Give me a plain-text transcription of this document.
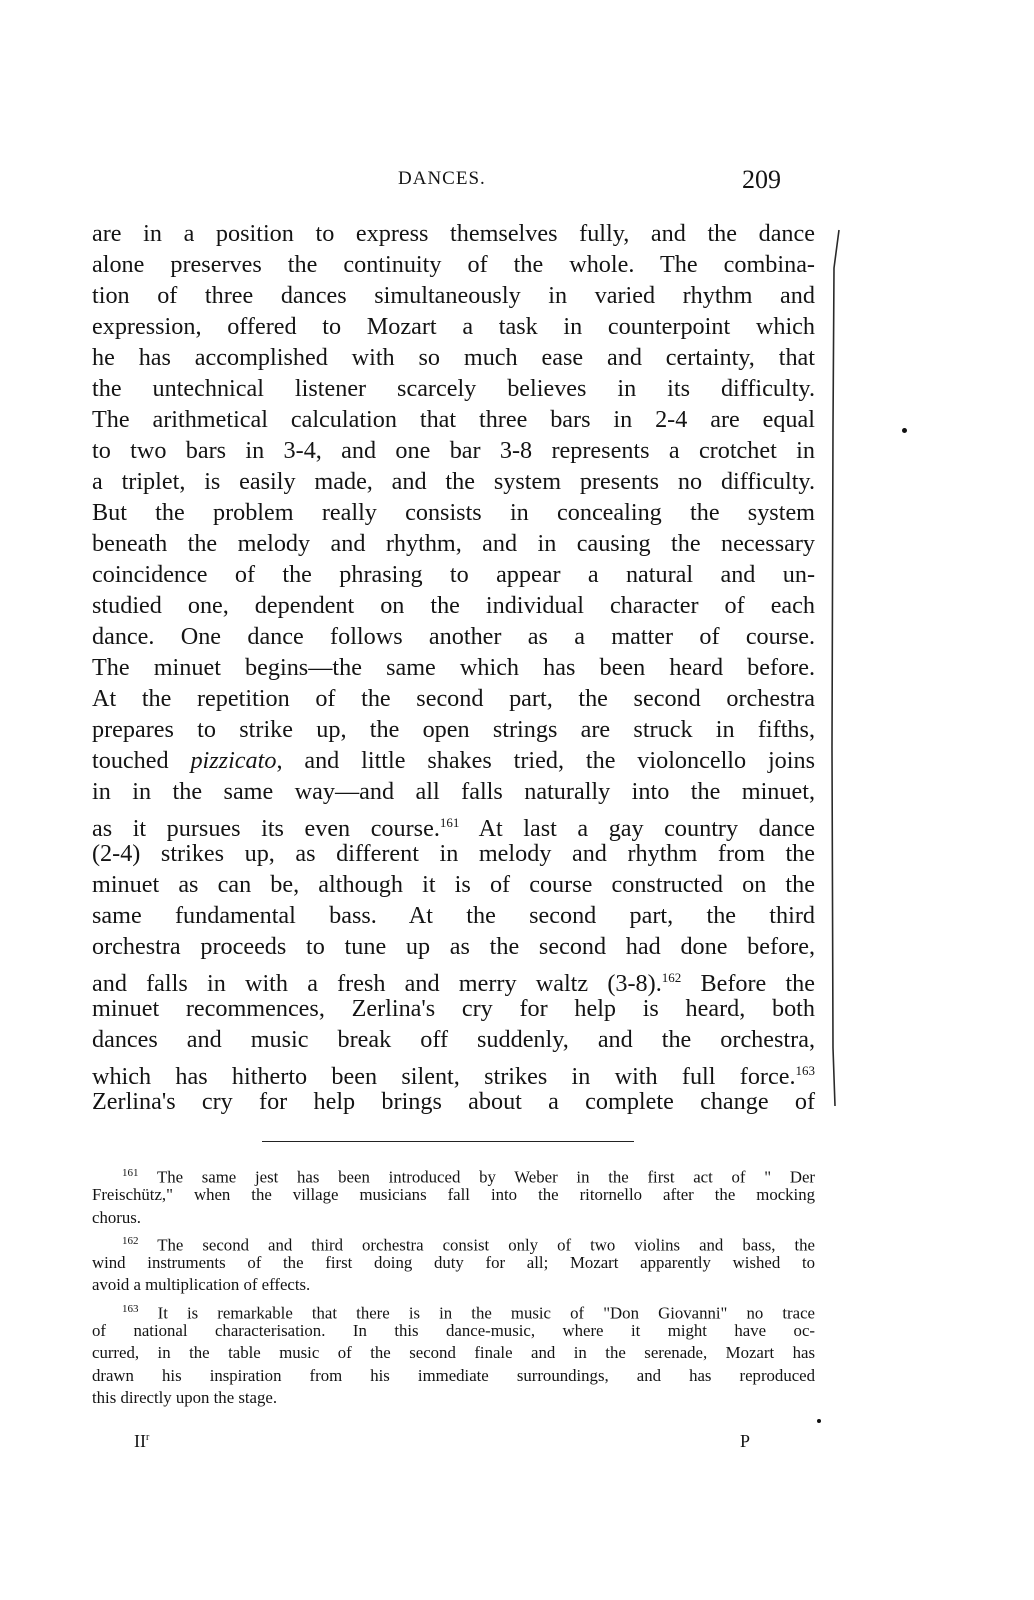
DANCES.	209
are in a position to express themselves fully, and the dance
alone preserves the continuity of the whole. The combina-
tion of three dances simultaneously in varied rhythm and
expression, offered to Mozart a task in counterpoint which
he has accomplished with so much ease and certainty, that
the untechnical listener scarcely believes in its difficulty.
The arithmetical calculation that three bars in 2-4 are equal
to two bars in 3-4, and one bar 3-8 represents a crotchet in
a triplet, is easily made, and the system presents no difficulty.
But the problem really consists in concealing the system
beneath the melody and rhythm, and in causing the necessary
coincidence of the phrasing to appear a natural and un-
studied one, dependent on the individual character of each
dance. One dance follows another as a matter of course.
The minuet begins—the same which has been heard before.
At the repetition of the second part, the second orchestra
prepares to strike up, the open strings are struck in fifths,
touched pizzicato, and little shakes tried, the violoncello joins
in in the same way—and all falls naturally into the minuet,
as it pursues its even course.$^{161}$ At last a gay country dance
(2-4) strikes up, as different in melody and rhythm from the
minuet as can be, although it is of course constructed on the
same fundamental bass. At the second part, the third
orchestra proceeds to tune up as the second had done before,
and falls in with a fresh and merry waltz (3-8).$^{162}$ Before the
minuet recommences, Zerlina's cry for help is heard, both
dances and music break off suddenly, and the orchestra,
which has hitherto been silent, strikes in with full force.$^{163}$
Zerlina's cry for help brings about a complete change of
$^{161}$ The same jest has been introduced by Weber in the first act of " Der
Freischütz," when the village musicians fall into the ritornello after the mocking
chorus.
$^{162}$ The second and third orchestra consist only of two violins and bass, the
wind instruments of the first doing duty for all; Mozart apparently wished to
avoid a multiplication of effects.
$^{163}$ It is remarkable that there is in the music of "Don Giovanni" no trace
of national characterisation. In this dance-music, where it might have oc-
curred, in the table music of the second finale and in the serenade, Mozart has
drawn his inspiration from his immediate surroundings, and has reproduced
this directly upon the stage.
$II^r$	P
